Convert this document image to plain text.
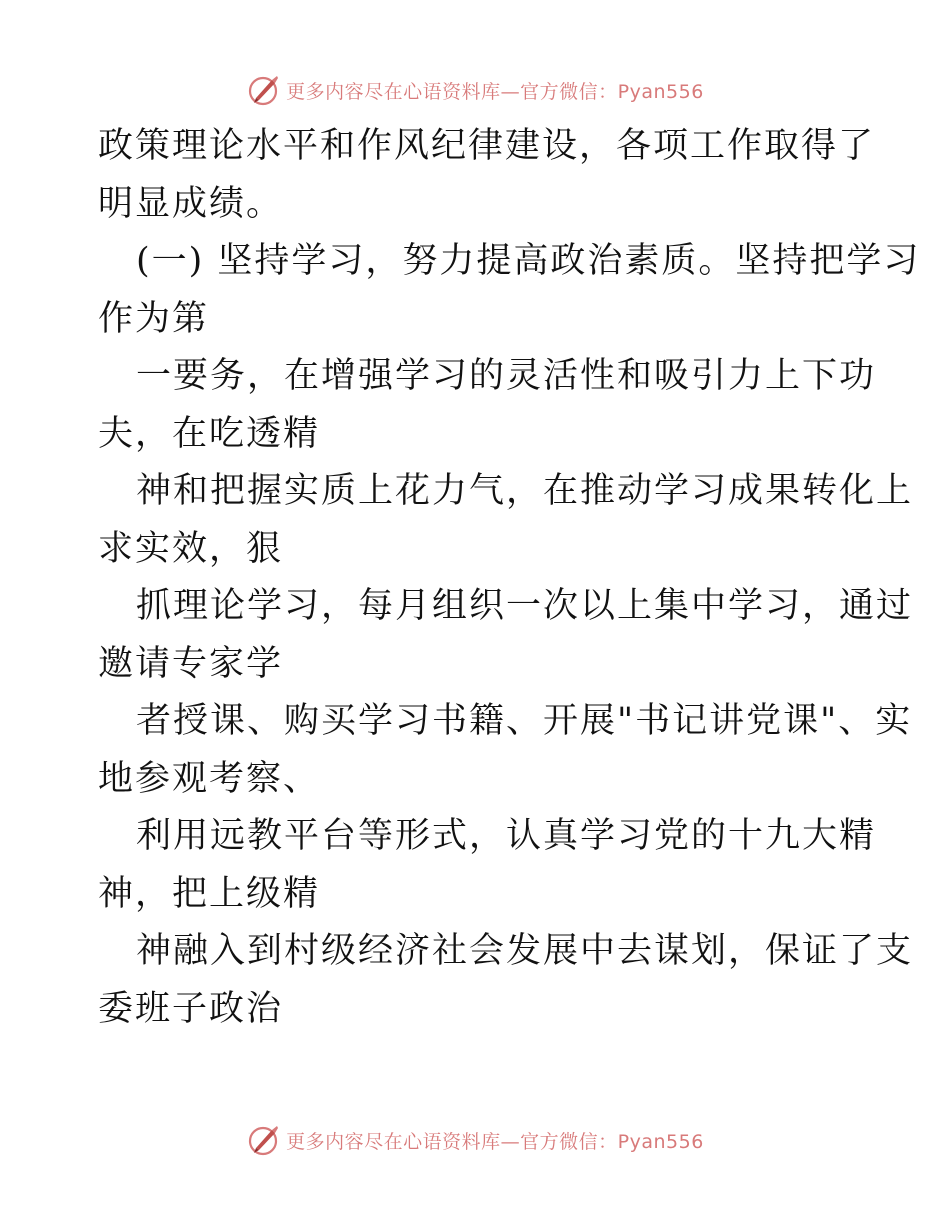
更多内容尽在心语资料库—官方微信：Pyan556
政策理论水平和作风纪律建设，各项工作取得了
明显成绩。
(一) 坚持学习，努力提高政治素质。坚持把学习
作为第
一要务，在增强学习的灵活性和吸引力上下功
夫，在吃透精
神和把握实质上花力气，在推动学习成果转化上
求实效，狠
抓理论学习，每月组织一次以上集中学习，通过
邀请专家学
者授课、购买学习书籍、开展"书记讲党课"、实
地参观考察、
利用远教平台等形式，认真学习党的十九大精
神，把上级精
神融入到村级经济社会发展中去谋划，保证了支
委班子政治
更多内容尽在心语资料库—官方微信：Pyan556
